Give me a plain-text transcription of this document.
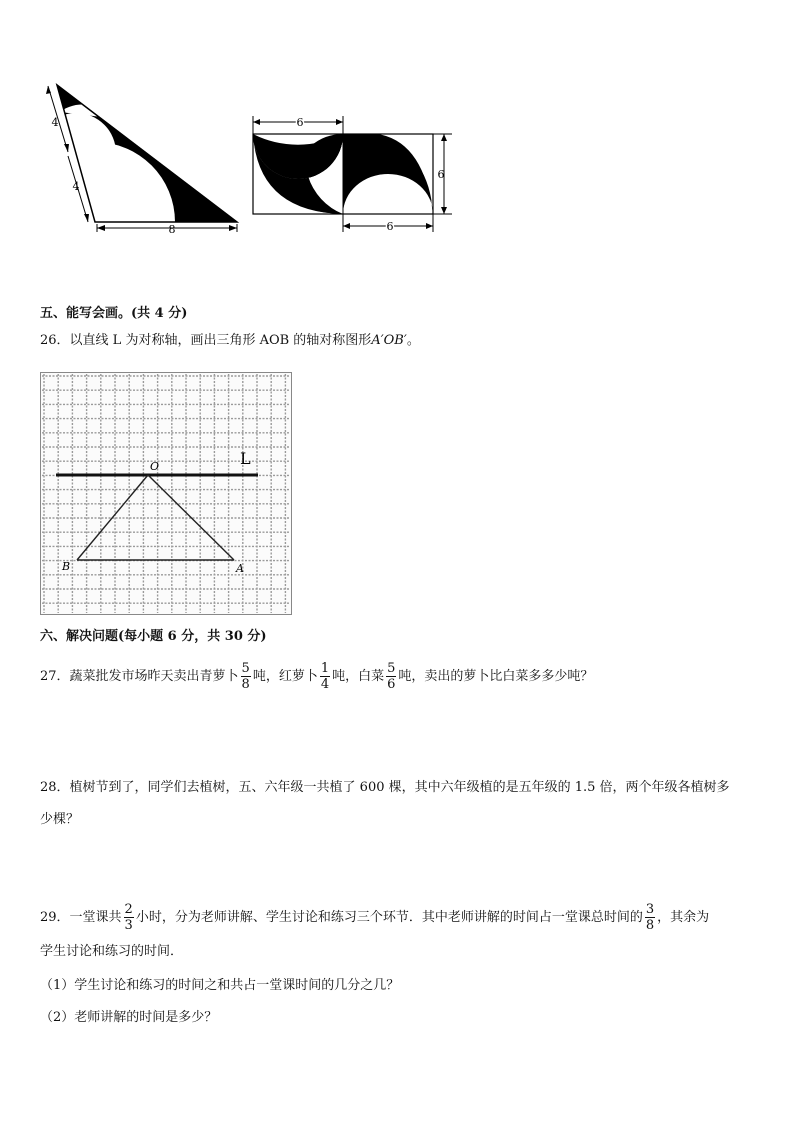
4
4
8
6
6
6
五、能写会画。(共 4 分)
26．以直线 L 为对称轴，画出三角形 AOB 的轴对称图形A′OB′。
O	L
B	A
六、解决问题(每小题 6 分，共 30 分)
27．蔬菜批发市场昨天卖出青萝卜 $\frac{5}{8}$ 吨，红萝卜 $\frac{1}{4}$ 吨，白菜 $\frac{5}{6}$ 吨，卖出的萝卜比白菜多多少吨？
28．植树节到了，同学们去植树，五、六年级一共植了 600 棵，其中六年级植的是五年级的 1.5 倍，两个年级各植树多
少棵？
29．一堂课共 $\frac{2}{3}$ 小时，分为老师讲解、学生讨论和练习三个环节．其中老师讲解的时间占一堂课总时间的 $\frac{3}{8}$ ，其余为
学生讨论和练习的时间．
（1）学生讨论和练习的时间之和共占一堂课时间的几分之几？
（2）老师讲解的时间是多少？
